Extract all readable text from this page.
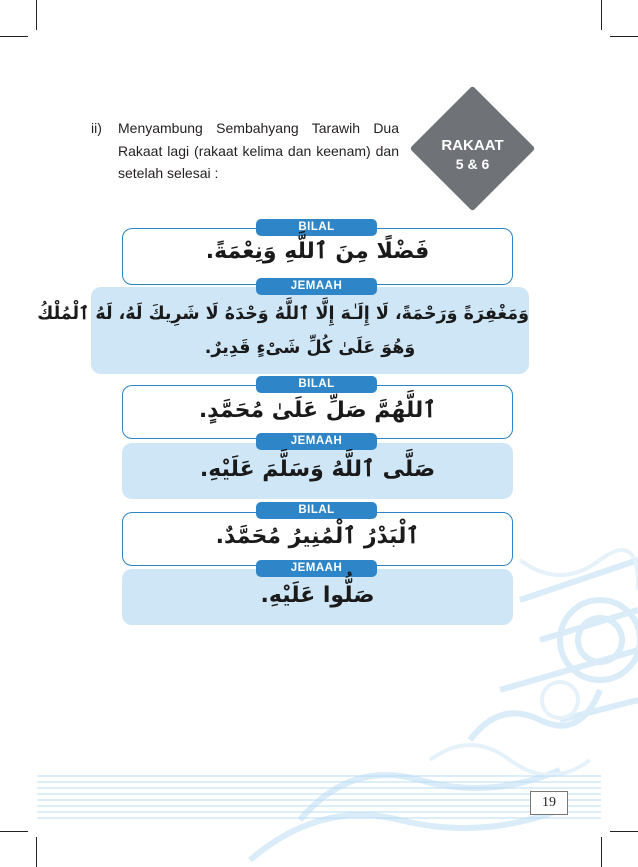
ii) Menyambung Sembahyang Tarawih Dua Rakaat lagi (rakaat kelima dan keenam) dan setelah selesai :
RAKAAT
5 & 6
BILAL
فَضْلًا مِنَ ٱللَّهِ وَنِعْمَةً.
JEMAAH
وَمَغْفِرَةً وَرَحْمَةً، لَا إِلَـٰهَ إِلَّا ٱللَّهُ وَحْدَهُ لَا شَرِيكَ لَهُ، لَهُ ٱلْمُلْكُ
وَهُوَ عَلَىٰ كُلِّ شَىْءٍ قَدِيرٌ.
BILAL
ٱللَّهُمَّ صَلِّ عَلَىٰ مُحَمَّدٍ.
JEMAAH
صَلَّى ٱللَّهُ وَسَلَّمَ عَلَيْهِ.
BILAL
ٱلْبَدْرُ ٱلْمُنِيرُ مُحَمَّدٌ.
JEMAAH
صَلُّوا عَلَيْهِ.
19
